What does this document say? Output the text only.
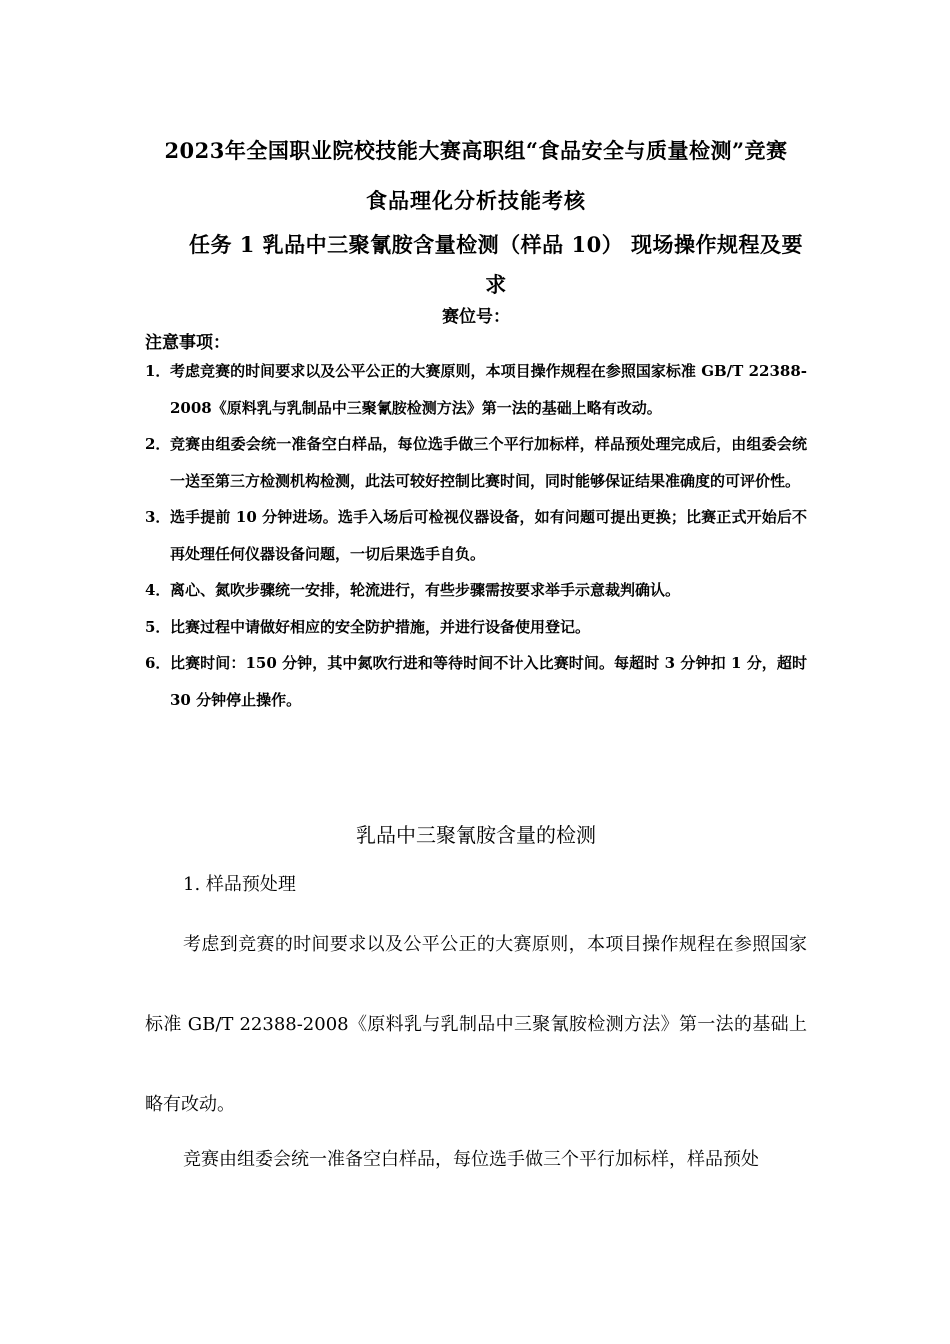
2023年全国职业院校技能大赛高职组“食品安全与质量检测”竞赛
食品理化分析技能考核
任务 1 乳品中三聚氰胺含量检测（样品 10） 现场操作规程及要求
赛位号：
注意事项：
1． 考虑竞赛的时间要求以及公平公正的大赛原则，本项目操作规程在参照国家标准 GB/T 22388-2008《原料乳与乳制品中三聚氰胺检测方法》第一法的基础上略有改动。
2． 竞赛由组委会统一准备空白样品，每位选手做三个平行加标样，样品预处理完成后，由组委会统一送至第三方检测机构检测，此法可较好控制比赛时间，同时能够保证结果准确度的可评价性。
3． 选手提前 10 分钟进场。选手入场后可检视仪器设备，如有问题可提出更换；比赛正式开始后不再处理任何仪器设备问题，一切后果选手自负。
4． 离心、氮吹步骤统一安排，轮流进行，有些步骤需按要求举手示意裁判确认。
5． 比赛过程中请做好相应的安全防护措施，并进行设备使用登记。
6． 比赛时间：150 分钟，其中氮吹行进和等待时间不计入比赛时间。每超时 3 分钟扣 1 分，超时 30 分钟停止操作。
乳品中三聚氰胺含量的检测
1. 样品预处理
考虑到竞赛的时间要求以及公平公正的大赛原则，本项目操作规程在参照国家标准 GB/T 22388-2008《原料乳与乳制品中三聚氰胺检测方法》第一法的基础上略有改动。
竞赛由组委会统一准备空白样品，每位选手做三个平行加标样，样品预处
